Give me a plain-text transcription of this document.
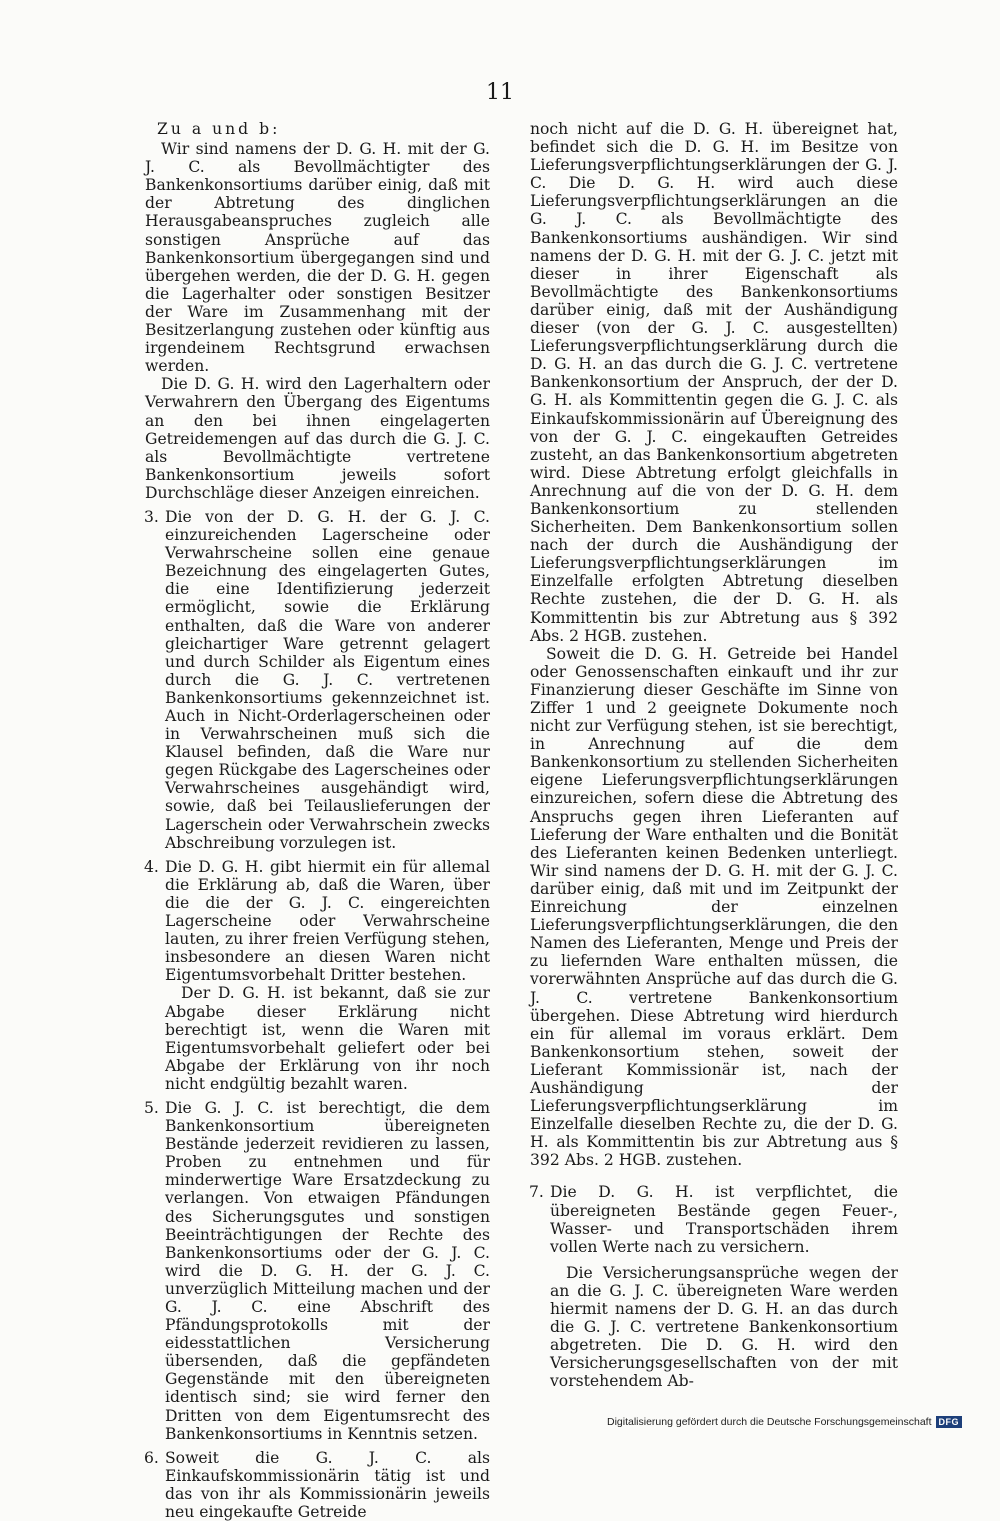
11

Zu a und b:

Wir sind namens der D. G. H. mit der G. J. C. als Bevollmächtigter des Bankenkonsortiums darüber einig, daß mit der Abtretung des dinglichen Herausgabeanspruches zugleich alle sonstigen Ansprüche auf das Bankenkonsortium übergegangen sind und übergehen werden, die der D. G. H. gegen die Lagerhalter oder sonstigen Besitzer der Ware im Zusammenhang mit der Besitzerlangung zustehen oder künftig aus irgendeinem Rechtsgrund erwachsen werden.

Die D. G. H. wird den Lagerhaltern oder Verwahrern den Übergang des Eigentums an den bei ihnen eingelagerten Getreidemengen auf das durch die G. J. C. als Bevollmächtigte vertretene Bankenkonsortium jeweils sofort Durchschläge dieser Anzeigen einreichen.

3. Die von der D. G. H. der G. J. C. einzureichenden Lagerscheine oder Verwahrscheine sollen eine genaue Bezeichnung des eingelagerten Gutes, die eine Identifizierung jederzeit ermöglicht, sowie die Erklärung enthalten, daß die Ware von anderer gleichartiger Ware getrennt gelagert und durch Schilder als Eigentum eines durch die G. J. C. vertretenen Bankenkonsortiums gekennzeichnet ist. Auch in Nicht-Orderlagerscheinen oder in Verwahrscheinen muß sich die Klausel befinden, daß die Ware nur gegen Rückgabe des Lagerscheines oder Verwahrscheines ausgehändigt wird, sowie, daß bei Teilauslieferungen der Lagerschein oder Verwahrschein zwecks Abschreibung vorzulegen ist.
4. Die D. G. H. gibt hiermit ein für allemal die Erklärung ab, daß die Waren, über die die der G. J. C. eingereichten Lagerscheine oder Verwahrscheine lauten, zu ihrer freien Verfügung stehen, insbesondere an diesen Waren nicht Eigentumsvorbehalt Dritter bestehen.

Der D. G. H. ist bekannt, daß sie zur Abgabe dieser Erklärung nicht berechtigt ist, wenn die Waren mit Eigentumsvorbehalt geliefert oder bei Abgabe der Erklärung von ihr noch nicht endgültig bezahlt waren.

5. Die G. J. C. ist berechtigt, die dem Bankenkonsortium übereigneten Bestände jederzeit revidieren zu lassen, Proben zu entnehmen und für minderwertige Ware Ersatzdeckung zu verlangen. Von etwaigen Pfändungen des Sicherungsgutes und sonstigen Beeinträchtigungen der Rechte des Bankenkonsortiums oder der G. J. C. wird die D. G. H. der G. J. C. unverzüglich Mitteilung machen und der G. J. C. eine Abschrift des Pfändungsprotokolls mit der eidesstattlichen Versicherung übersenden, daß die gepfändeten Gegenstände mit den übereigneten identisch sind; sie wird ferner den Dritten von dem Eigentumsrecht des Bankenkonsortiums in Kenntnis setzen.
6. Soweit die G. J. C. als Einkaufskommissionärin tätig ist und das von ihr als Kommissionärin jeweils neu eingekaufte Getreide

noch nicht auf die D. G. H. übereignet hat, befindet sich die D. G. H. im Besitze von Lieferungsverpflichtungserklärungen der G. J. C. Die D. G. H. wird auch diese Lieferungsverpflichtungserklärungen an die G. J. C. als Bevollmächtigte des Bankenkonsortiums aushändigen. Wir sind namens der D. G. H. mit der G. J. C. jetzt mit dieser in ihrer Eigenschaft als Bevollmächtigte des Bankenkonsortiums darüber einig, daß mit der Aushändigung dieser (von der G. J. C. ausgestellten) Lieferungsverpflichtungserklärung durch die D. G. H. an das durch die G. J. C. vertretene Bankenkonsortium der Anspruch, der der D. G. H. als Kommittentin gegen die G. J. C. als Einkaufskommissionärin auf Übereignung des von der G. J. C. eingekauften Getreides zusteht, an das Bankenkonsortium abgetreten wird. Diese Abtretung erfolgt gleichfalls in Anrechnung auf die von der D. G. H. dem Bankenkonsortium zu stellenden Sicherheiten. Dem Bankenkonsortium sollen nach der durch die Aushändigung der Lieferungsverpflichtungserklärungen im Einzelfalle erfolgten Abtretung dieselben Rechte zustehen, die der D. G. H. als Kommittentin bis zur Abtretung aus § 392 Abs. 2 HGB. zustehen.

Soweit die D. G. H. Getreide bei Handel oder Genossenschaften einkauft und ihr zur Finanzierung dieser Geschäfte im Sinne von Ziffer 1 und 2 geeignete Dokumente noch nicht zur Verfügung stehen, ist sie berechtigt, in Anrechnung auf die dem Bankenkonsortium zu stellenden Sicherheiten eigene Lieferungsverpflichtungserklärungen einzureichen, sofern diese die Abtretung des Anspruchs gegen ihren Lieferanten auf Lieferung der Ware enthalten und die Bonität des Lieferanten keinen Bedenken unterliegt. Wir sind namens der D. G. H. mit der G. J. C. darüber einig, daß mit und im Zeitpunkt der Einreichung der einzelnen Lieferungsverpflichtungserklärungen, die den Namen des Lieferanten, Menge und Preis der zu liefernden Ware enthalten müssen, die vorerwähnten Ansprüche auf das durch die G. J. C. vertretene Bankenkonsortium übergehen. Diese Abtretung wird hierdurch ein für allemal im voraus erklärt. Dem Bankenkonsortium stehen, soweit der Lieferant Kommissionär ist, nach der Aushändigung der Lieferungsverpflichtungserklärung im Einzelfalle dieselben Rechte zu, die der D. G. H. als Kommittentin bis zur Abtretung aus § 392 Abs. 2 HGB. zustehen.

7. Die D. G. H. ist verpflichtet, die übereigneten Bestände gegen Feuer-, Wasser- und Transportschäden ihrem vollen Werte nach zu versichern.

Die Versicherungsansprüche wegen der an die G. J. C. übereigneten Ware werden hiermit namens der D. G. H. an das durch die G. J. C. vertretene Bankenkonsortium abgetreten. Die D. G. H. wird den Versicherungsgesellschaften von der mit vorstehendem Ab-

Digitalisierung gefördert durch die Deutsche Forschungsgemeinschaft DFG
